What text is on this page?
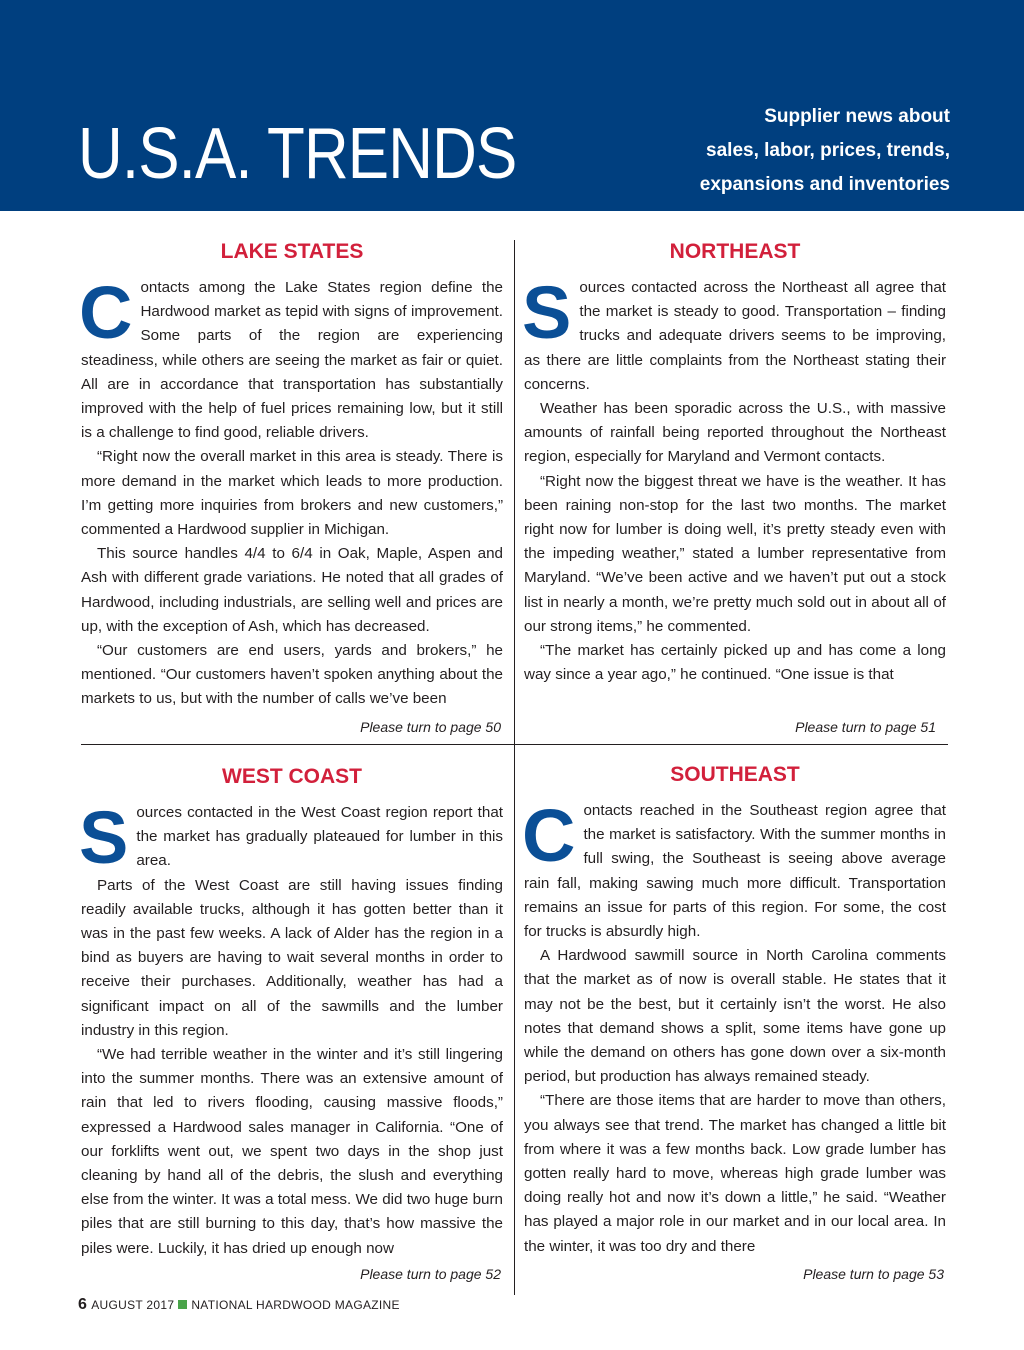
U.S.A. TRENDS	Supplier news about
sales, labor, prices, trends,
expansions and inventories
LAKE STATES

Contacts among the Lake States region define the Hardwood market as tepid with signs of improvement. Some parts of the region are experiencing steadiness, while others are seeing the market as fair or quiet. All are in accordance that transportation has substantially improved with the help of fuel prices remaining low, but it still is a challenge to find good, reliable drivers.

“Right now the overall market in this area is steady. There is more demand in the market which leads to more production. I’m getting more inquiries from brokers and new customers,” commented a Hardwood supplier in Michigan.

This source handles 4/4 to 6/4 in Oak, Maple, Aspen and Ash with different grade variations. He noted that all grades of Hardwood, including industrials, are selling well and prices are up, with the exception of Ash, which has decreased.

“Our customers are end users, yards and brokers,” he mentioned. “Our customers haven’t spoken anything about the markets to us, but with the number of calls we’ve been

Please turn to page 50
NORTHEAST

Sources contacted across the Northeast all agree that the market is steady to good. Transportation – finding trucks and adequate drivers seems to be improving, as there are little complaints from the Northeast stating their concerns.

Weather has been sporadic across the U.S., with massive amounts of rainfall being reported throughout the Northeast region, especially for Maryland and Vermont contacts.

“Right now the biggest threat we have is the weather. It has been raining non-stop for the last two months. The market right now for lumber is doing well, it’s pretty steady even with the impeding weather,” stated a lumber representative from Maryland. “We’ve been active and we haven’t put out a stock list in nearly a month, we’re pretty much sold out in about all of our strong items,” he commented.

“The market has certainly picked up and has come a long way since a year ago,” he continued. “One issue is that

Please turn to page 51
WEST COAST

Sources contacted in the West Coast region report that the market has gradually plateaued for lumber in this area.

Parts of the West Coast are still having issues finding readily available trucks, although it has gotten better than it was in the past few weeks. A lack of Alder has the region in a bind as buyers are having to wait several months in order to receive their purchases. Additionally, weather has had a significant impact on all of the sawmills and the lumber industry in this region.

“We had terrible weather in the winter and it’s still lingering into the summer months. There was an extensive amount of rain that led to rivers flooding, causing massive floods,” expressed a Hardwood sales manager in California. “One of our forklifts went out, we spent two days in the shop just cleaning by hand all of the debris, the slush and everything else from the winter. It was a total mess. We did two huge burn piles that are still burning to this day, that’s how massive the piles were. Luckily, it has dried up enough now

Please turn to page 52
SOUTHEAST

Contacts reached in the Southeast region agree that the market is satisfactory. With the summer months in full swing, the Southeast is seeing above average rain fall, making sawing much more difficult. Transportation remains an issue for parts of this region. For some, the cost for trucks is absurdly high.

A Hardwood sawmill source in North Carolina comments that the market as of now is overall stable. He states that it may not be the best, but it certainly isn’t the worst. He also notes that demand shows a split, some items have gone up while the demand on others has gone down over a six-month period, but production has always remained steady.

“There are those items that are harder to move than others, you always see that trend. The market has changed a little bit from where it was a few months back. Low grade lumber has gotten really hard to move, whereas high grade lumber was doing really hot and now it’s down a little,” he said. “Weather has played a major role in our market and in our local area. In the winter, it was too dry and there

Please turn to page 53
6 AUGUST 2017 NATIONAL HARDWOOD MAGAZINE
